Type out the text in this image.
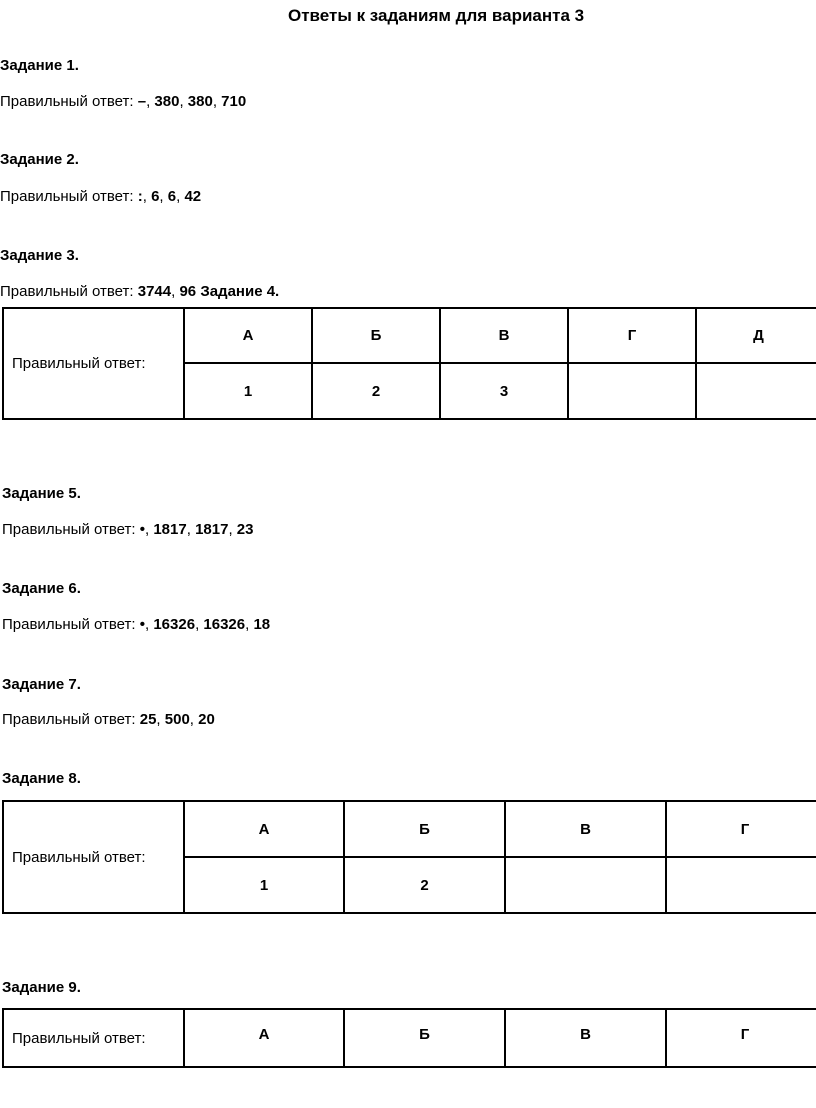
Ответы к заданиям для варианта 3
Задание 1.
Правильный ответ: –, 380, 380, 710
Задание 2.
Правильный ответ: :, 6, 6, 42
Задание 3.
Правильный ответ: 3744, 96 Задание 4.
Правильный ответ:	А	Б	В	Г	Д
	1	2	3		
Задание 5.
Правильный ответ: •, 1817, 1817, 23
Задание 6.
Правильный ответ: •, 16326, 16326, 18
Задание 7.
Правильный ответ: 25, 500, 20
Задание 8.
Правильный ответ:	А	Б	В	Г
	1	2		
Задание 9.
Правильный ответ:	А	Б	В	Г
